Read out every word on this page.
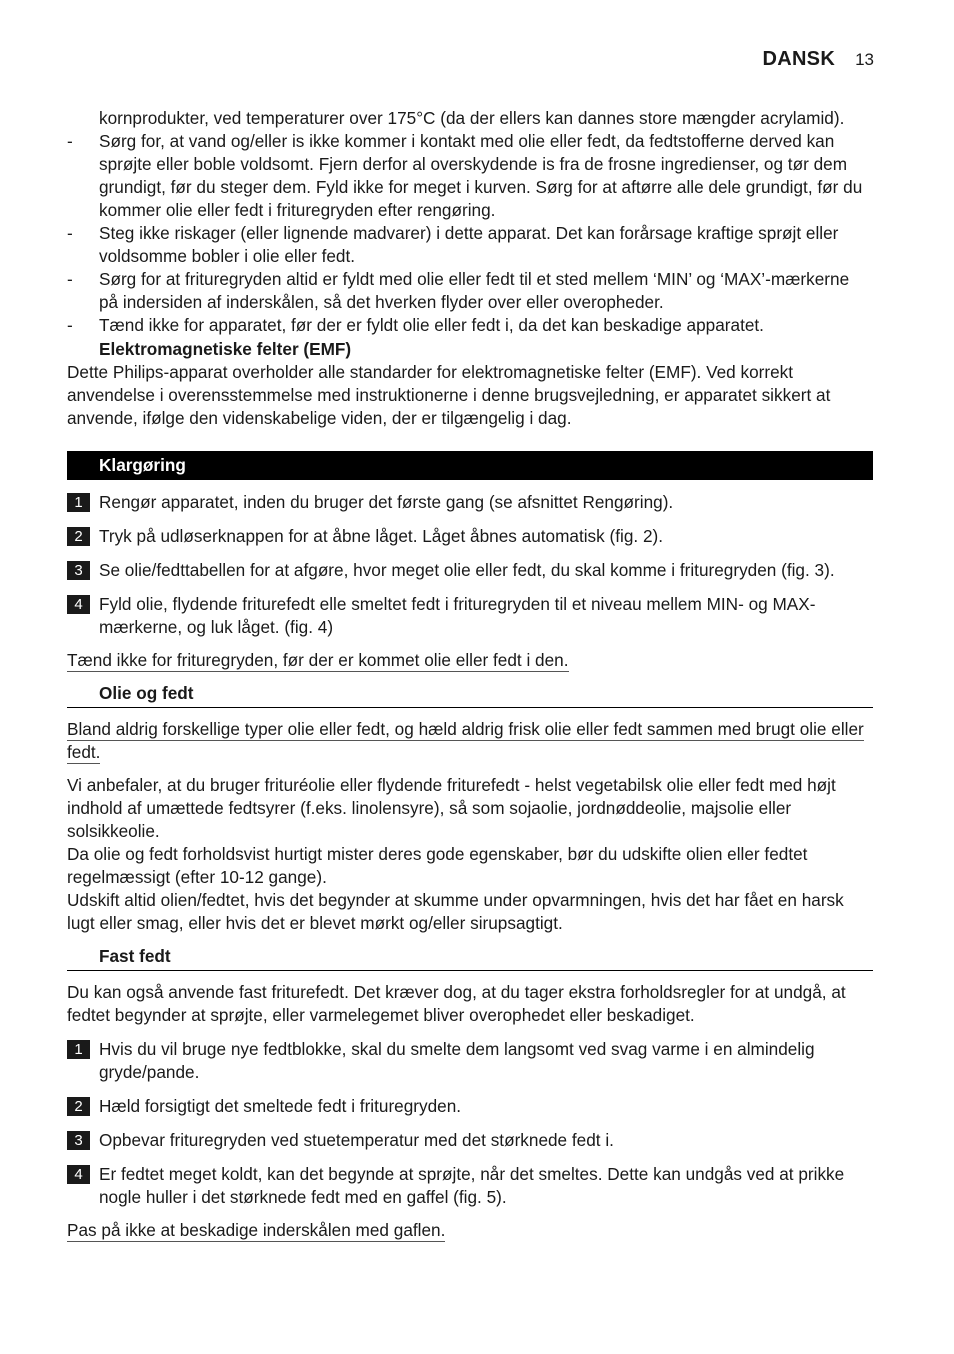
DANSK 13
kornprodukter, ved temperaturer over 175°C (da der ellers kan dannes store mængder acrylamid).
- Sørg for, at vand og/eller is ikke kommer i kontakt med olie eller fedt, da fedtstofferne derved kan sprøjte eller boble voldsomt. Fjern derfor al overskydende is fra de frosne ingredienser, og tør dem grundigt, før du steger dem. Fyld ikke for meget i kurven. Sørg for at aftørre alle dele grundigt, før du kommer olie eller fedt i frituregryden efter rengøring.
- Steg ikke riskager (eller lignende madvarer) i dette apparat. Det kan forårsage kraftige sprøjt eller voldsomme bobler i olie eller fedt.
- Sørg for at frituregryden altid er fyldt med olie eller fedt til et sted mellem ‘MIN’ og ‘MAX’-mærkerne på indersiden af inderskålen, så det hverken flyder over eller overopheder.
- Tænd ikke for apparatet, før der er fyldt olie eller fedt i, da det kan beskadige apparatet.
Elektromagnetiske felter (EMF)
Dette Philips-apparat overholder alle standarder for elektromagnetiske felter (EMF). Ved korrekt anvendelse i overensstemmelse med instruktionerne i denne brugsvejledning, er apparatet sikkert at anvende, ifølge den videnskabelige viden, der er tilgængelig i dag.
Klargøring
1 Rengør apparatet, inden du bruger det første gang (se afsnittet Rengøring).
2 Tryk på udløserknappen for at åbne låget. Låget åbnes automatisk (fig. 2).
3 Se olie/fedttabellen for at afgøre, hvor meget olie eller fedt, du skal komme i frituregryden (fig. 3).
4 Fyld olie, flydende friturefedt elle smeltet fedt i frituregryden til et niveau mellem MIN- og MAX-mærkerne, og luk låget. (fig. 4)
Tænd ikke for frituregryden, før der er kommet olie eller fedt i den.
Olie og fedt
Bland aldrig forskellige typer olie eller fedt, og hæld aldrig frisk olie eller fedt sammen med brugt olie eller fedt.
Vi anbefaler, at du bruger frituréolie eller flydende friturefedt - helst vegetabilsk olie eller fedt med højt indhold af umættede fedtsyrer (f.eks. linolensyre), så som sojaolie, jordnøddeolie, majsolie eller solsikkeolie.
Da olie og fedt forholdsvist hurtigt mister deres gode egenskaber, bør du udskifte olien eller fedtet regelmæssigt (efter 10-12 gange).
Udskift altid olien/fedtet, hvis det begynder at skumme under opvarmningen, hvis det har fået en harsk lugt eller smag, eller hvis det er blevet mørkt og/eller sirupsagtigt.
Fast fedt
Du kan også anvende fast friturefedt. Det kræver dog, at du tager ekstra forholdsregler for at undgå, at fedtet begynder at sprøjte, eller varmelegemet bliver overophedet eller beskadiget.
1 Hvis du vil bruge nye fedtblokke, skal du smelte dem langsomt ved svag varme i en almindelig gryde/pande.
2 Hæld forsigtigt det smeltede fedt i frituregryden.
3 Opbevar frituregryden ved stuetemperatur med det størknede fedt i.
4 Er fedtet meget koldt, kan det begynde at sprøjte, når det smeltes. Dette kan undgås ved at prikke nogle huller i det størknede fedt med en gaffel (fig. 5).
Pas på ikke at beskadige inderskålen med gaflen.
